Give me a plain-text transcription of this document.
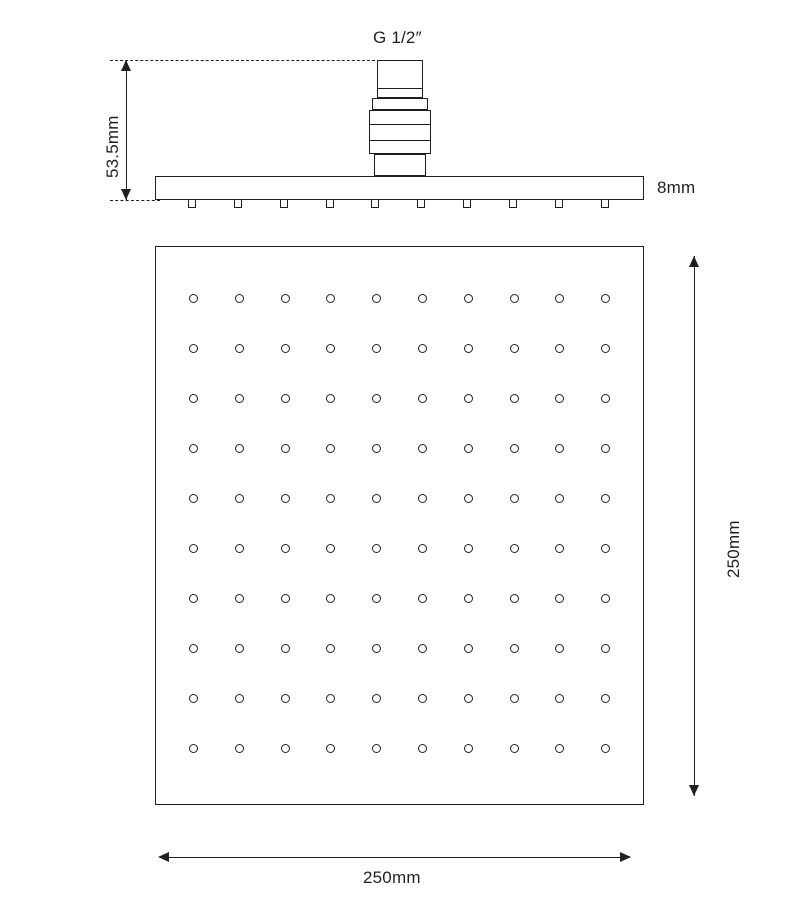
G 1/2″
8mm
53.5mm
250mm
250mm
